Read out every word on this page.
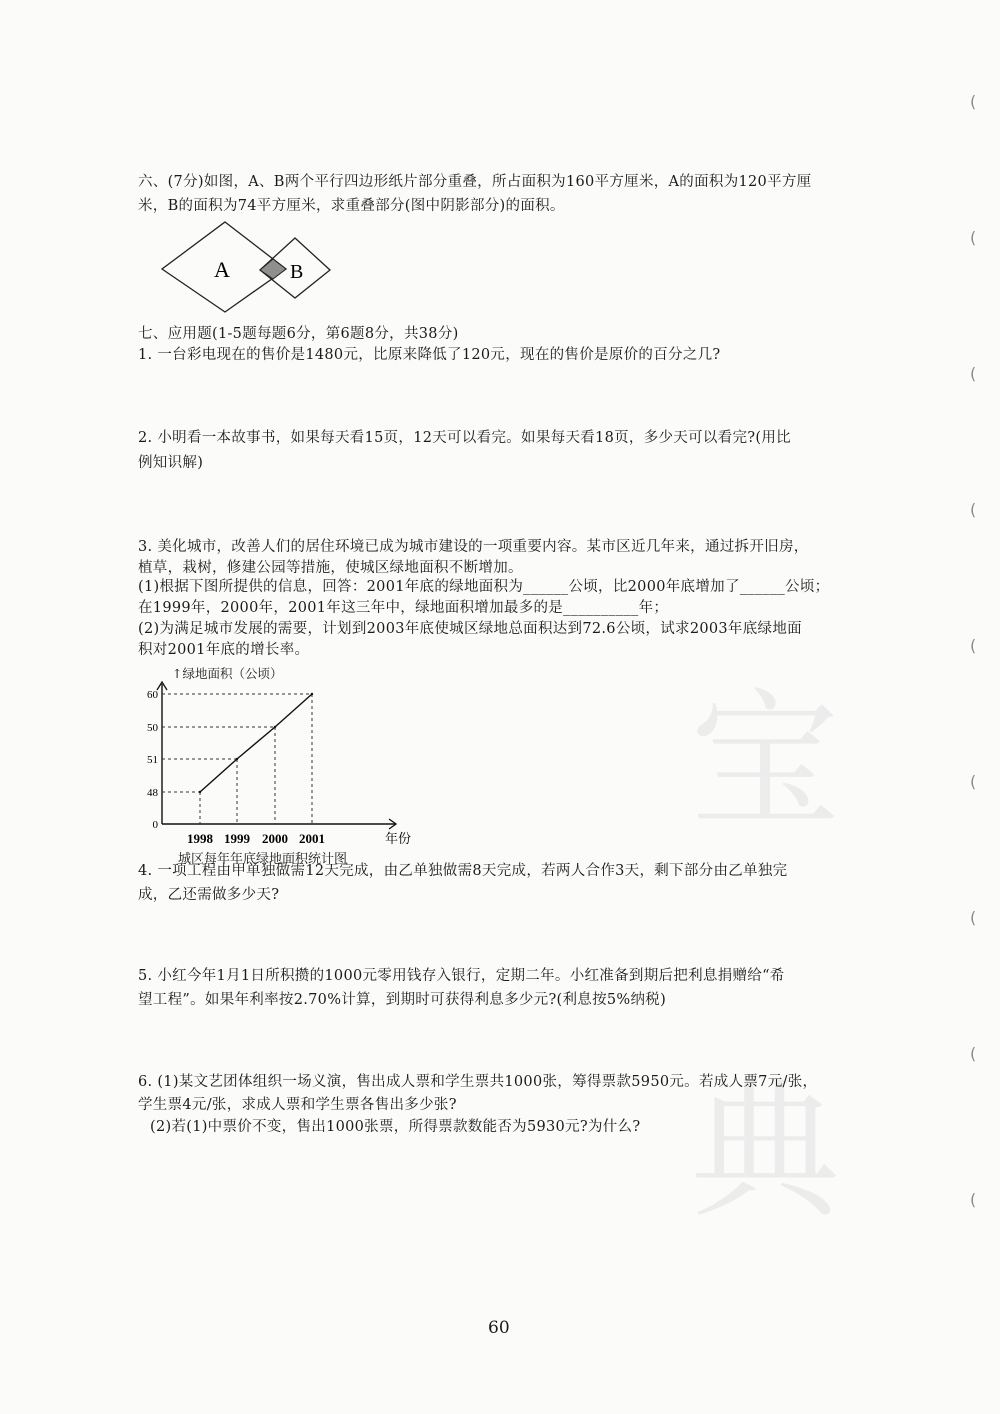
宝
典
(
(
(
(
(
(
(
(
(
六、(7分)如图，A、B两个平行四边形纸片部分重叠，所占面积为160平方厘米，A的面积为120平方厘
米，B的面积为74平方厘米，求重叠部分(图中阴影部分)的面积。
A	B
七、应用题(1-5题每题6分，第6题8分，共38分)
1. 一台彩电现在的售价是1480元，比原来降低了120元，现在的售价是原价的百分之几?
2. 小明看一本故事书，如果每天看15页，12天可以看完。如果每天看18页，多少天可以看完?(用比
例知识解)
3. 美化城市，改善人们的居住环境已成为城市建设的一项重要内容。某市区近几年来，通过拆开旧房，
植草，栽树，修建公园等措施，使城区绿地面积不断增加。
(1)根据下图所提供的信息，回答：2001年底的绿地面积为______公顷，比2000年底增加了______公顷；
在1999年，2000年，2001年这三年中，绿地面积增加最多的是__________年；
(2)为满足城市发展的需要，计划到2003年底使城区绿地总面积达到72.6公顷，试求2003年底绿地面
积对2001年底的增长率。
↑绿地面积（公顷）
0
48
51
50
60
1998 1999 2000 2001	年份
城区每年年底绿地面积统计图
4. 一项工程由甲单独做需12天完成，由乙单独做需8天完成，若两人合作3天，剩下部分由乙单独完
成，乙还需做多少天?
5. 小红今年1月1日所积攒的1000元零用钱存入银行，定期二年。小红准备到期后把利息捐赠给“希
望工程”。如果年利率按2.70%计算，到期时可获得利息多少元?(利息按5%纳税)
6. (1)某文艺团体组织一场义演，售出成人票和学生票共1000张，筹得票款5950元。若成人票7元/张，
学生票4元/张，求成人票和学生票各售出多少张?
(2)若(1)中票价不变，售出1000张票，所得票款数能否为5930元?为什么?
60
